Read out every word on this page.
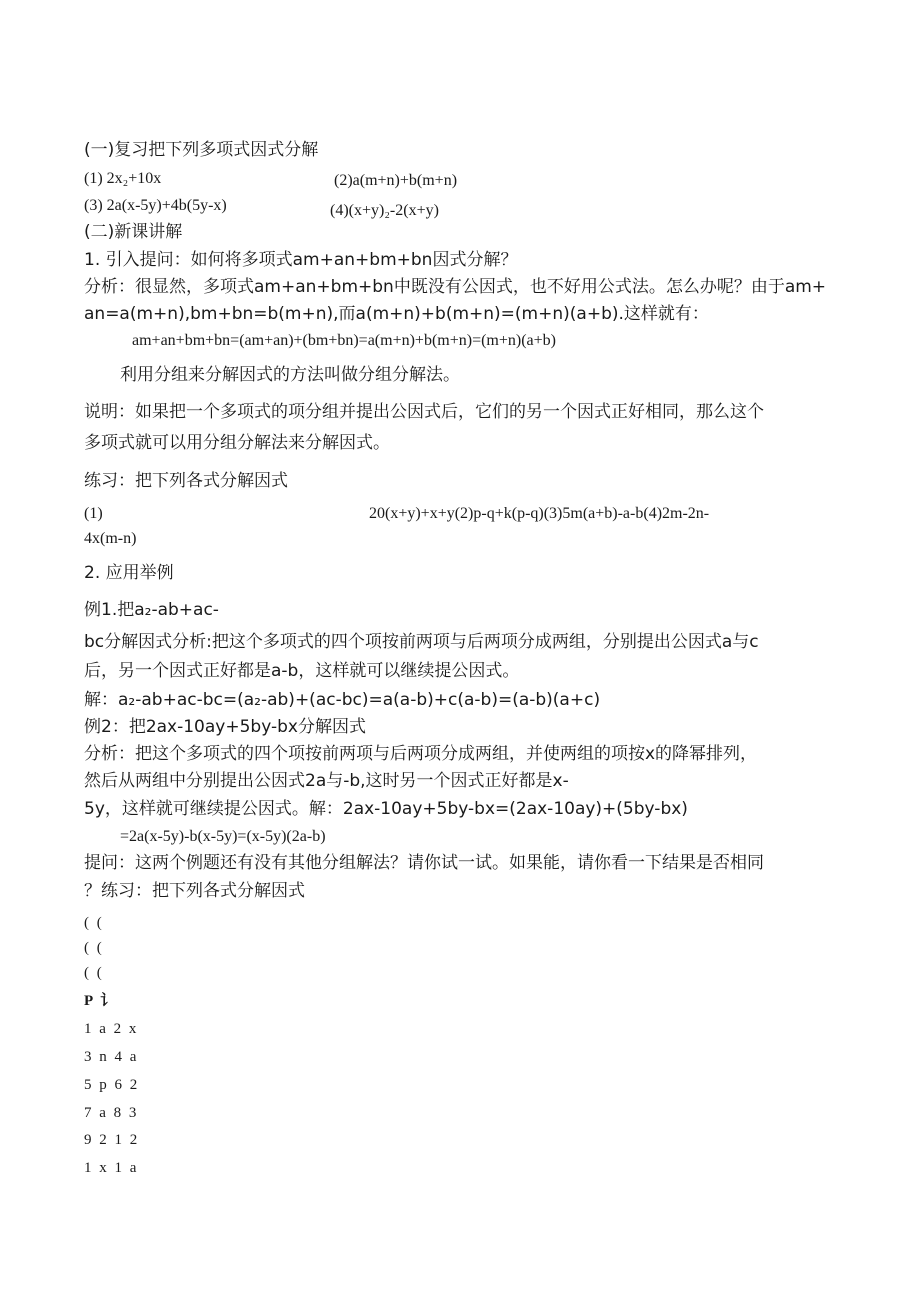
(一)复习把下列多项式因式分解
(1) 2x₂+10x	(2)a(m+n)+b(m+n)
(3) 2a(x-5y)+4b(5y-x)	(4)(x+y)₂-2(x+y)
(二)新课讲解
1. 引入提问：如何将多项式am+an+bm+bn因式分解？
分析：很显然，多项式am+an+bm+bn中既没有公因式，也不好用公式法。怎么办呢？由于am+
an=a(m+n),bm+bn=b(m+n),而a(m+n)+b(m+n)=(m+n)(a+b).这样就有：
am+an+bm+bn=(am+an)+(bm+bn)=a(m+n)+b(m+n)=(m+n)(a+b)
利用分组来分解因式的方法叫做分组分解法。
说明：如果把一个多项式的项分组并提出公因式后，它们的另一个因式正好相同，那么这个
多项式就可以用分组分解法来分解因式。
练习：把下列各式分解因式
(1)	20(x+y)+x+y(2)p-q+k(p-q)(3)5m(a+b)-a-b(4)2m-2n-
4x(m-n)
2. 应用举例
例1.把a₂-ab+ac-
bc分解因式分析:把这个多项式的四个项按前两项与后两项分成两组，分别提出公因式a与c
后，另一个因式正好都是a-b，这样就可以继续提公因式。
解：a₂-ab+ac-bc=(a₂-ab)+(ac-bc)=a(a-b)+c(a-b)=(a-b)(a+c)
例2：把2ax-10ay+5by-bx分解因式
分析：把这个多项式的四个项按前两项与后两项分成两组，并使两组的项按x的降幂排列，
然后从两组中分别提出公因式2a与-b,这时另一个因式正好都是x-
5y，这样就可继续提公因式。解：2ax-10ay+5by-bx=(2ax-10ay)+(5by-bx)
=2a(x-5y)-b(x-5y)=(x-5y)(2a-b)
提问：这两个例题还有没有其他分组解法？请你试一试。如果能，请你看一下结果是否相同
？练习：把下列各式分解因式
( (
( (
( (
P 讠
1 a 2 x
3 n 4 a
5 p 6 2
7 a 8 3
9 2 1 2
1 x 1 a
